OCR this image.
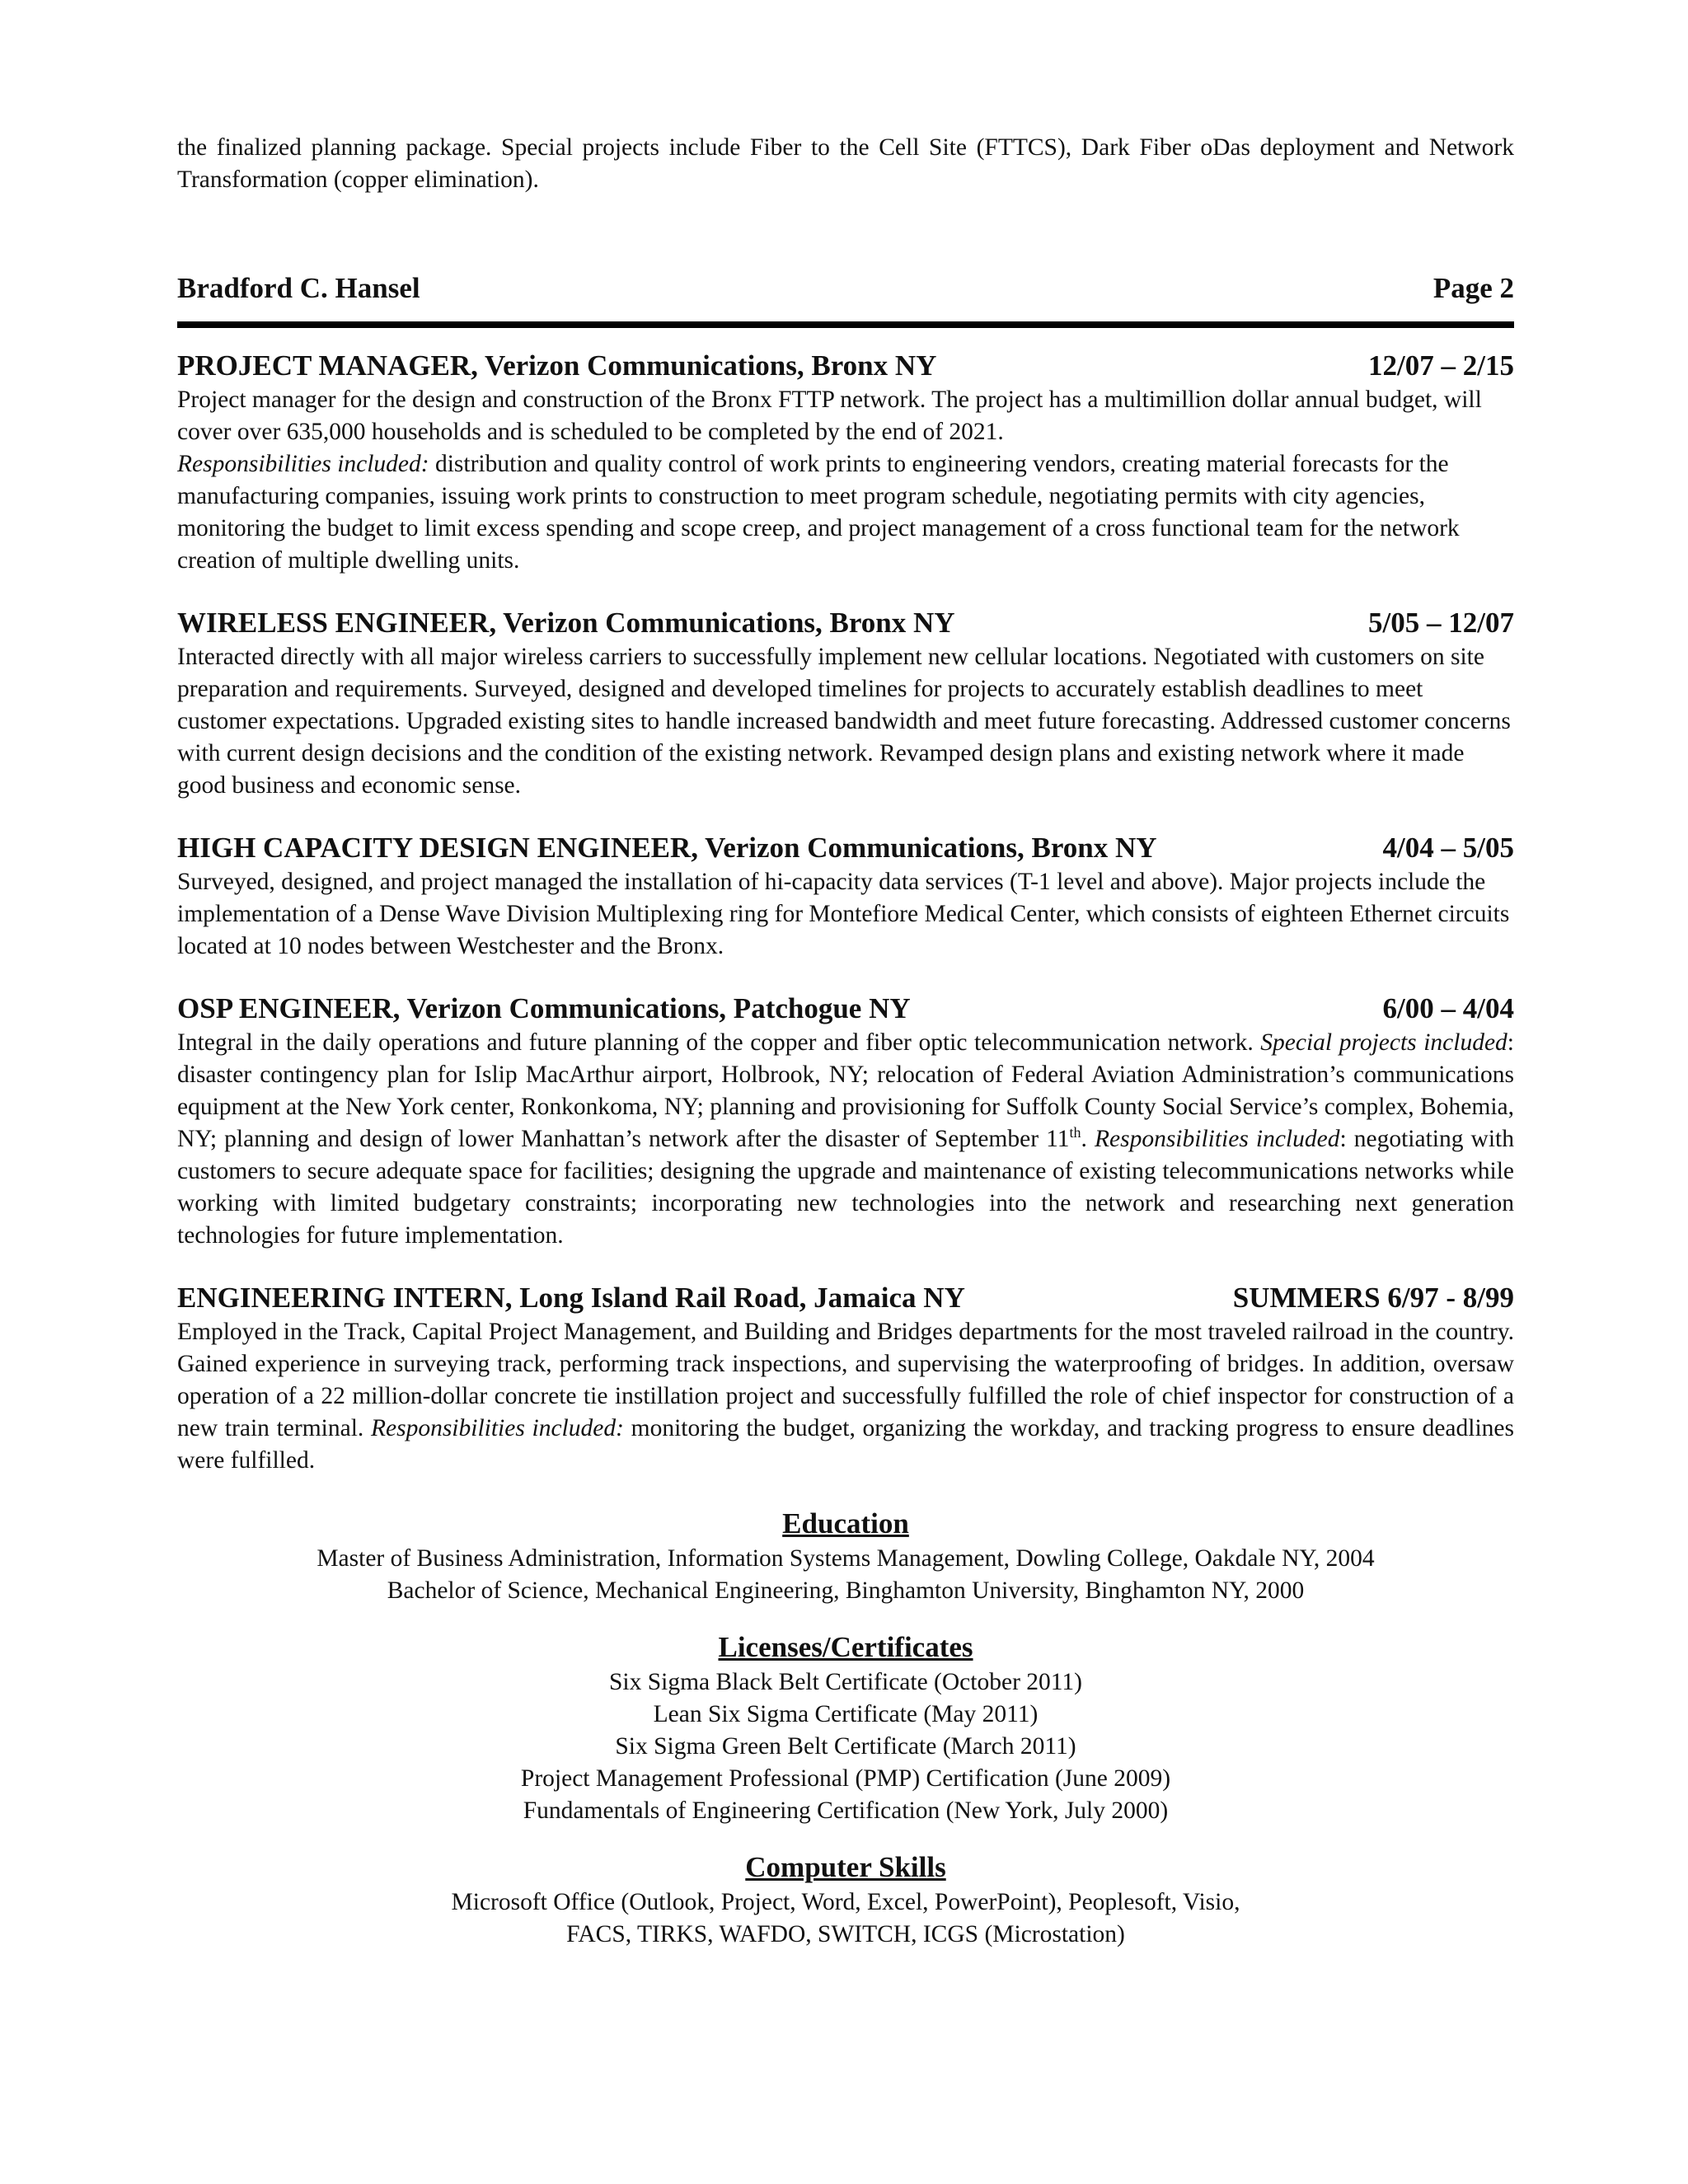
the finalized planning package. Special projects include Fiber to the Cell Site (FTTCS), Dark Fiber oDas deployment and Network Transformation (copper elimination).

Bradford C. Hansel	Page 2
PROJECT MANAGER, Verizon Communications, Bronx NY	12/07 – 2/15

Project manager for the design and construction of the Bronx FTTP network. The project has a multimillion dollar annual budget, will cover over 635,000 households and is scheduled to be completed by the end of 2021.

Responsibilities included: distribution and quality control of work prints to engineering vendors, creating material forecasts for the manufacturing companies, issuing work prints to construction to meet program schedule, negotiating permits with city agencies, monitoring the budget to limit excess spending and scope creep, and project management of a cross functional team for the network creation of multiple dwelling units.

WIRELESS ENGINEER, Verizon Communications, Bronx NY	5/05 – 12/07

Interacted directly with all major wireless carriers to successfully implement new cellular locations. Negotiated with customers on site preparation and requirements. Surveyed, designed and developed timelines for projects to accurately establish deadlines to meet customer expectations. Upgraded existing sites to handle increased bandwidth and meet future forecasting. Addressed customer concerns with current design decisions and the condition of the existing network. Revamped design plans and existing network where it made good business and economic sense.

HIGH CAPACITY DESIGN ENGINEER, Verizon Communications, Bronx NY	4/04 – 5/05

Surveyed, designed, and project managed the installation of hi-capacity data services (T-1 level and above). Major projects include the implementation of a Dense Wave Division Multiplexing ring for Montefiore Medical Center, which consists of eighteen Ethernet circuits located at 10 nodes between Westchester and the Bronx.

OSP ENGINEER, Verizon Communications, Patchogue NY	6/00 – 4/04

Integral in the daily operations and future planning of the copper and fiber optic telecommunication network. Special projects included: disaster contingency plan for Islip MacArthur airport, Holbrook, NY; relocation of Federal Aviation Administration’s communications equipment at the New York center, Ronkonkoma, NY; planning and provisioning for Suffolk County Social Service’s complex, Bohemia, NY; planning and design of lower Manhattan’s network after the disaster of September 11th. Responsibilities included: negotiating with customers to secure adequate space for facilities; designing the upgrade and maintenance of existing telecommunications networks while working with limited budgetary constraints; incorporating new technologies into the network and researching next generation technologies for future implementation.

ENGINEERING INTERN, Long Island Rail Road, Jamaica NY	SUMMERS 6/97 - 8/99

Employed in the Track, Capital Project Management, and Building and Bridges departments for the most traveled railroad in the country. Gained experience in surveying track, performing track inspections, and supervising the waterproofing of bridges. In addition, oversaw operation of a 22 million-dollar concrete tie instillation project and successfully fulfilled the role of chief inspector for construction of a new train terminal. Responsibilities included: monitoring the budget, organizing the workday, and tracking progress to ensure deadlines were fulfilled.

Education
Master of Business Administration, Information Systems Management, Dowling College, Oakdale NY, 2004
Bachelor of Science, Mechanical Engineering, Binghamton University, Binghamton NY, 2000
Licenses/Certificates
Six Sigma Black Belt Certificate (October 2011)
Lean Six Sigma Certificate (May 2011)
Six Sigma Green Belt Certificate (March 2011)
Project Management Professional (PMP) Certification (June 2009)
Fundamentals of Engineering Certification (New York, July 2000)
Computer Skills
Microsoft Office (Outlook, Project, Word, Excel, PowerPoint), Peoplesoft, Visio,
FACS, TIRKS, WAFDO, SWITCH, ICGS (Microstation)
